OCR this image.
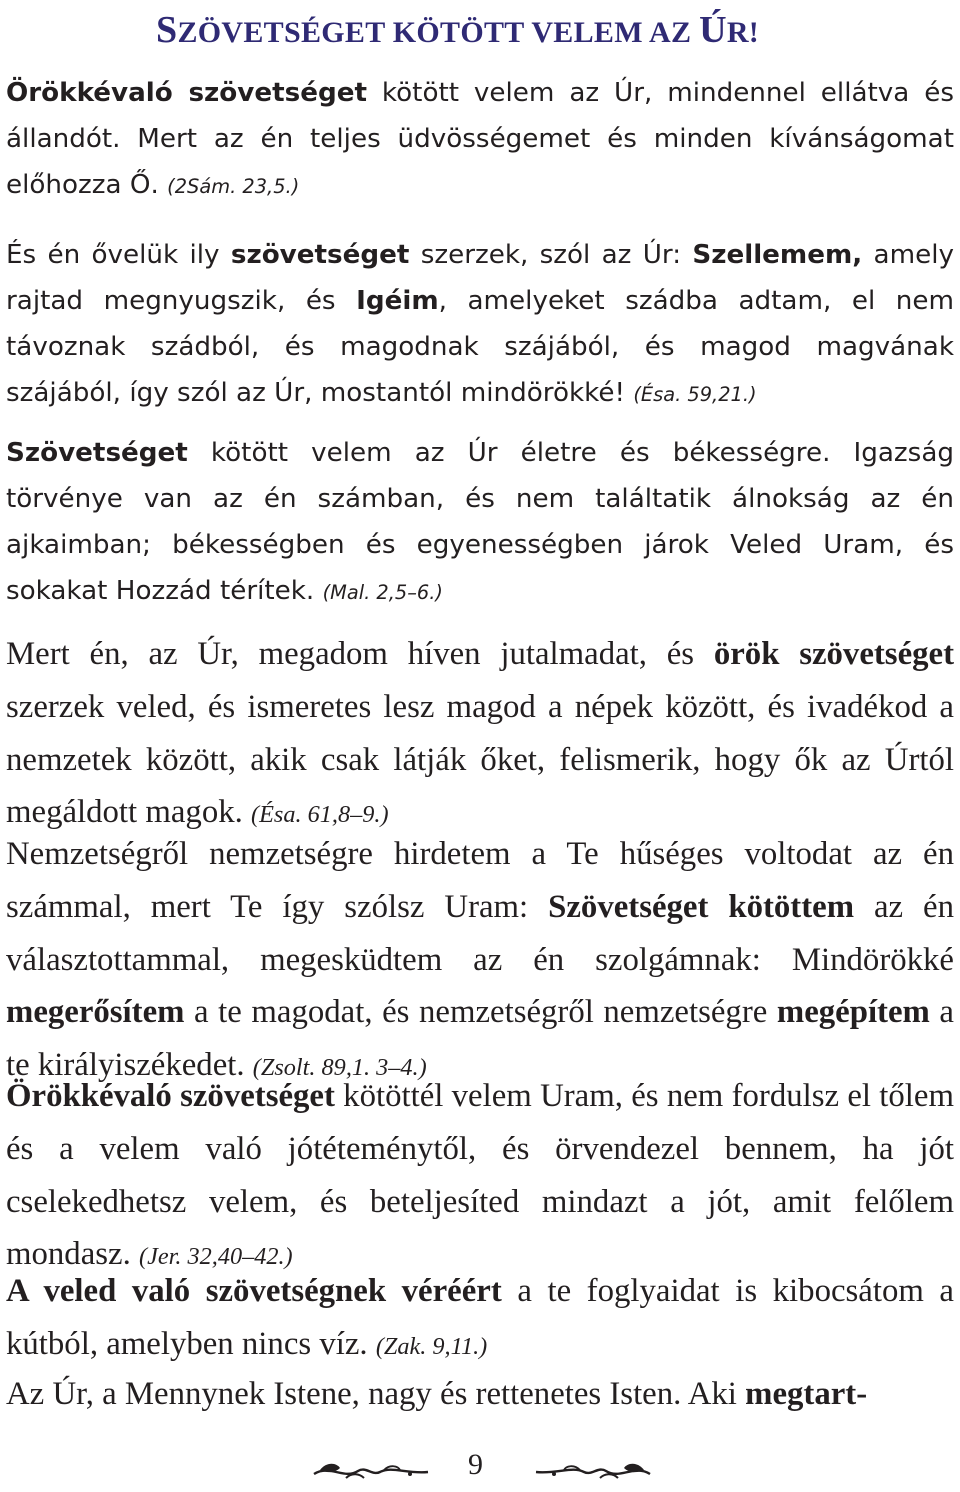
SZÖVETSÉGET KÖTÖTT VELEM AZ ÚR!

Örökkévaló szövetséget kötött velem az Úr, mindennel ellátva és állandót. Mert az én teljes üdvösségemet és minden kívánságomat előhozza Ő. (2Sám. 23,5.)

És én ővelük ily szövetséget szerzek, szól az Úr: Szellemem, amely rajtad megnyugszik, és Igéim, amelyeket szádba adtam, el nem távoznak szádból, és magodnak szájából, és magod magvának szájából, így szól az Úr, mostantól mindörökké! (Ésa. 59,21.)

Szövetséget kötött velem az Úr életre és békességre. Igazság törvénye van az én számban, és nem találtatik álnokság az én ajkaimban; békességben és egyenességben járok Veled Uram, és sokakat Hozzád térítek. (Mal. 2,5–6.)

Mert én, az Úr, megadom híven jutalmadat, és örök szövetséget szerzek veled, és ismeretes lesz magod a népek között, és ivadékod a nemzetek között, akik csak látják őket, felismerik, hogy ők az Úrtól megáldott magok. (Ésa. 61,8–9.)

Nemzetségről nemzetségre hirdetem a Te hűséges voltodat az én számmal, mert Te így szólsz Uram: Szövetséget kötöttem az én választottammal, megesküdtem az én szolgámnak: Mindörökké megerősítem a te magodat, és nemzetségről nemzetségre megépítem a te királyiszékedet. (Zsolt. 89,1. 3–4.)

Örökkévaló szövetséget kötöttél velem Uram, és nem fordulsz el tőlem és a velem való jótéteménytől, és örvendezel bennem, ha jót cselekedhetsz velem, és beteljesíted mindazt a jót, amit felőlem mondasz. (Jer. 32,40–42.)

A veled való szövetségnek véréért a te foglyaidat is kibocsátom a kútból, amelyben nincs víz. (Zak. 9,11.)

Az Úr, a Mennynek Istene, nagy és rettenetes Isten. Aki megtart-

9
